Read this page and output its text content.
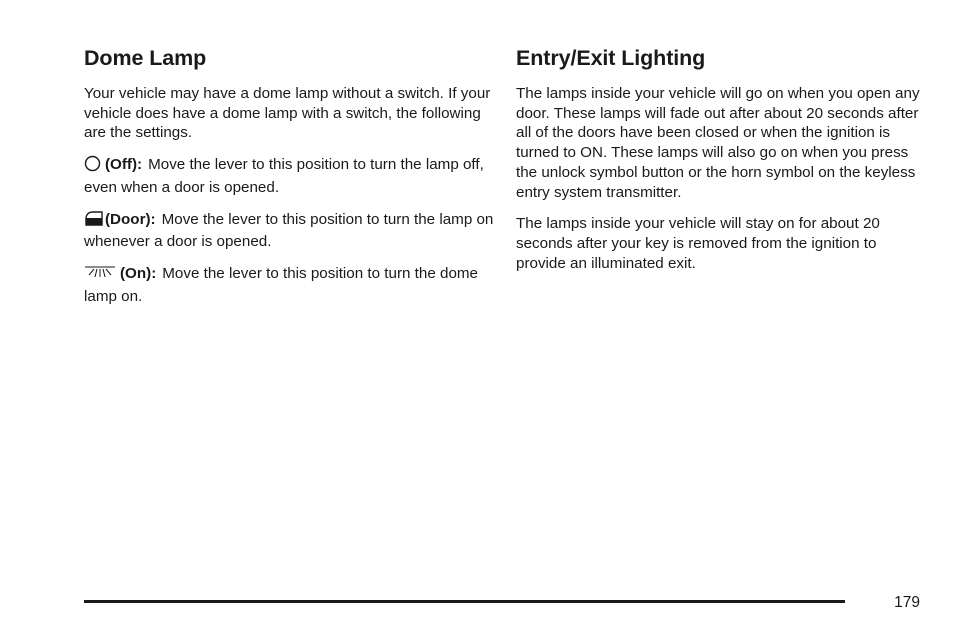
Dome Lamp

Your vehicle may have a dome lamp without a switch. If your vehicle does have a dome lamp with a switch, the following are the settings.

(Off): Move the lever to this position to turn the lamp off, even when a door is opened.

(Door): Move the lever to this position to turn the lamp on whenever a door is opened.

(On): Move the lever to this position to turn the dome lamp on.

Entry/Exit Lighting

The lamps inside your vehicle will go on when you open any door. These lamps will fade out after about 20 seconds after all of the doors have been closed or when the ignition is turned to ON. These lamps will also go on when you press the unlock symbol button or the horn symbol on the keyless entry system transmitter.

The lamps inside your vehicle will stay on for about 20 seconds after your key is removed from the ignition to provide an illuminated exit.

179
